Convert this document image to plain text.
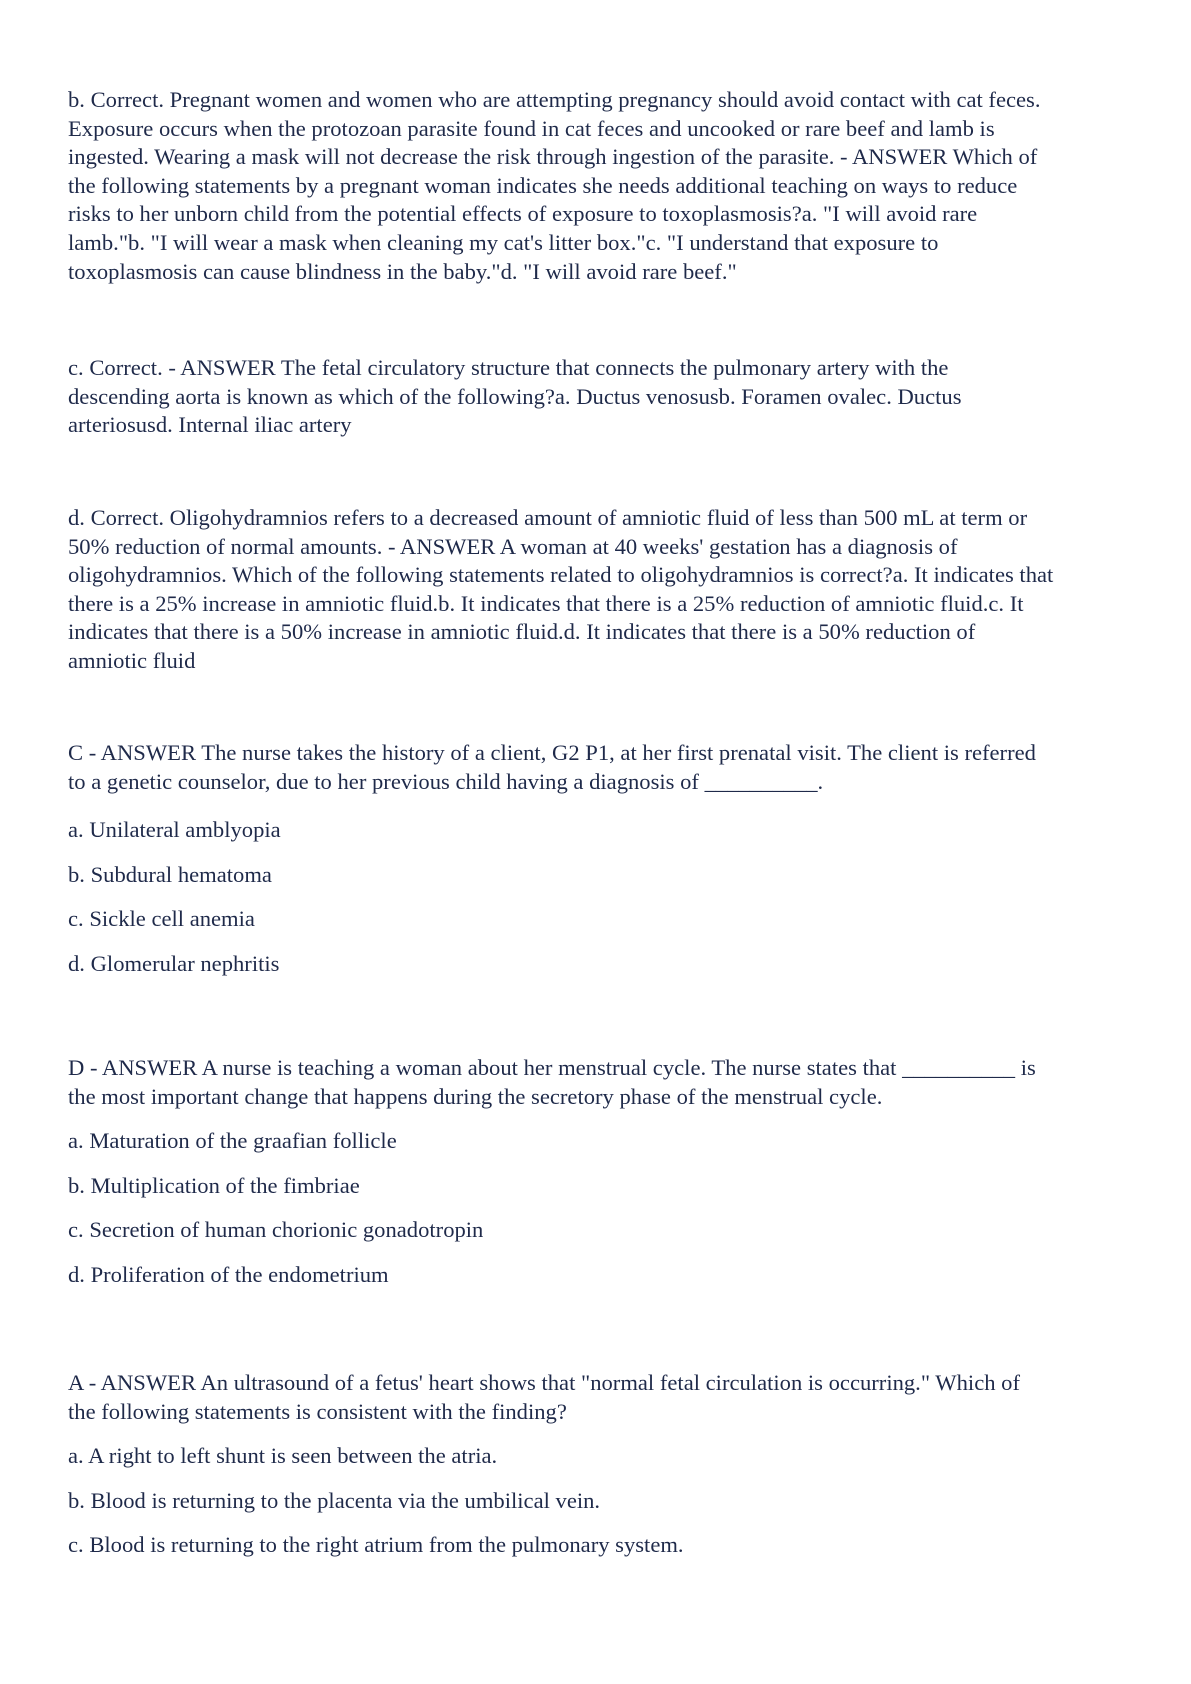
b. Correct. Pregnant women and women who are attempting pregnancy should avoid contact with cat feces.
Exposure occurs when the protozoan parasite found in cat feces and uncooked or rare beef and lamb is
ingested. Wearing a mask will not decrease the risk through ingestion of the parasite. - ANSWER Which of
the following statements by a pregnant woman indicates she needs additional teaching on ways to reduce
risks to her unborn child from the potential effects of exposure to toxoplasmosis?a. "I will avoid rare
lamb."b. "I will wear a mask when cleaning my cat's litter box."c. "I understand that exposure to
toxoplasmosis can cause blindness in the baby."d. "I will avoid rare beef."

c. Correct. - ANSWER The fetal circulatory structure that connects the pulmonary artery with the
descending aorta is known as which of the following?a. Ductus venosusb. Foramen ovalec. Ductus
arteriosusd. Internal iliac artery

d. Correct. Oligohydramnios refers to a decreased amount of amniotic fluid of less than 500 mL at term or
50% reduction of normal amounts. - ANSWER A woman at 40 weeks' gestation has a diagnosis of
oligohydramnios. Which of the following statements related to oligohydramnios is correct?a. It indicates that
there is a 25% increase in amniotic fluid.b. It indicates that there is a 25% reduction of amniotic fluid.c. It
indicates that there is a 50% increase in amniotic fluid.d. It indicates that there is a 50% reduction of
amniotic fluid

C - ANSWER The nurse takes the history of a client, G2 P1, at her first prenatal visit. The client is referred
to a genetic counselor, due to her previous child having a diagnosis of __________.

a. Unilateral amblyopia

b. Subdural hematoma

c. Sickle cell anemia

d. Glomerular nephritis

D - ANSWER A nurse is teaching a woman about her menstrual cycle. The nurse states that __________ is
the most important change that happens during the secretory phase of the menstrual cycle.

a. Maturation of the graafian follicle

b. Multiplication of the fimbriae

c. Secretion of human chorionic gonadotropin

d. Proliferation of the endometrium

A - ANSWER An ultrasound of a fetus' heart shows that "normal fetal circulation is occurring." Which of
the following statements is consistent with the finding?

a. A right to left shunt is seen between the atria.

b. Blood is returning to the placenta via the umbilical vein.

c. Blood is returning to the right atrium from the pulmonary system.
